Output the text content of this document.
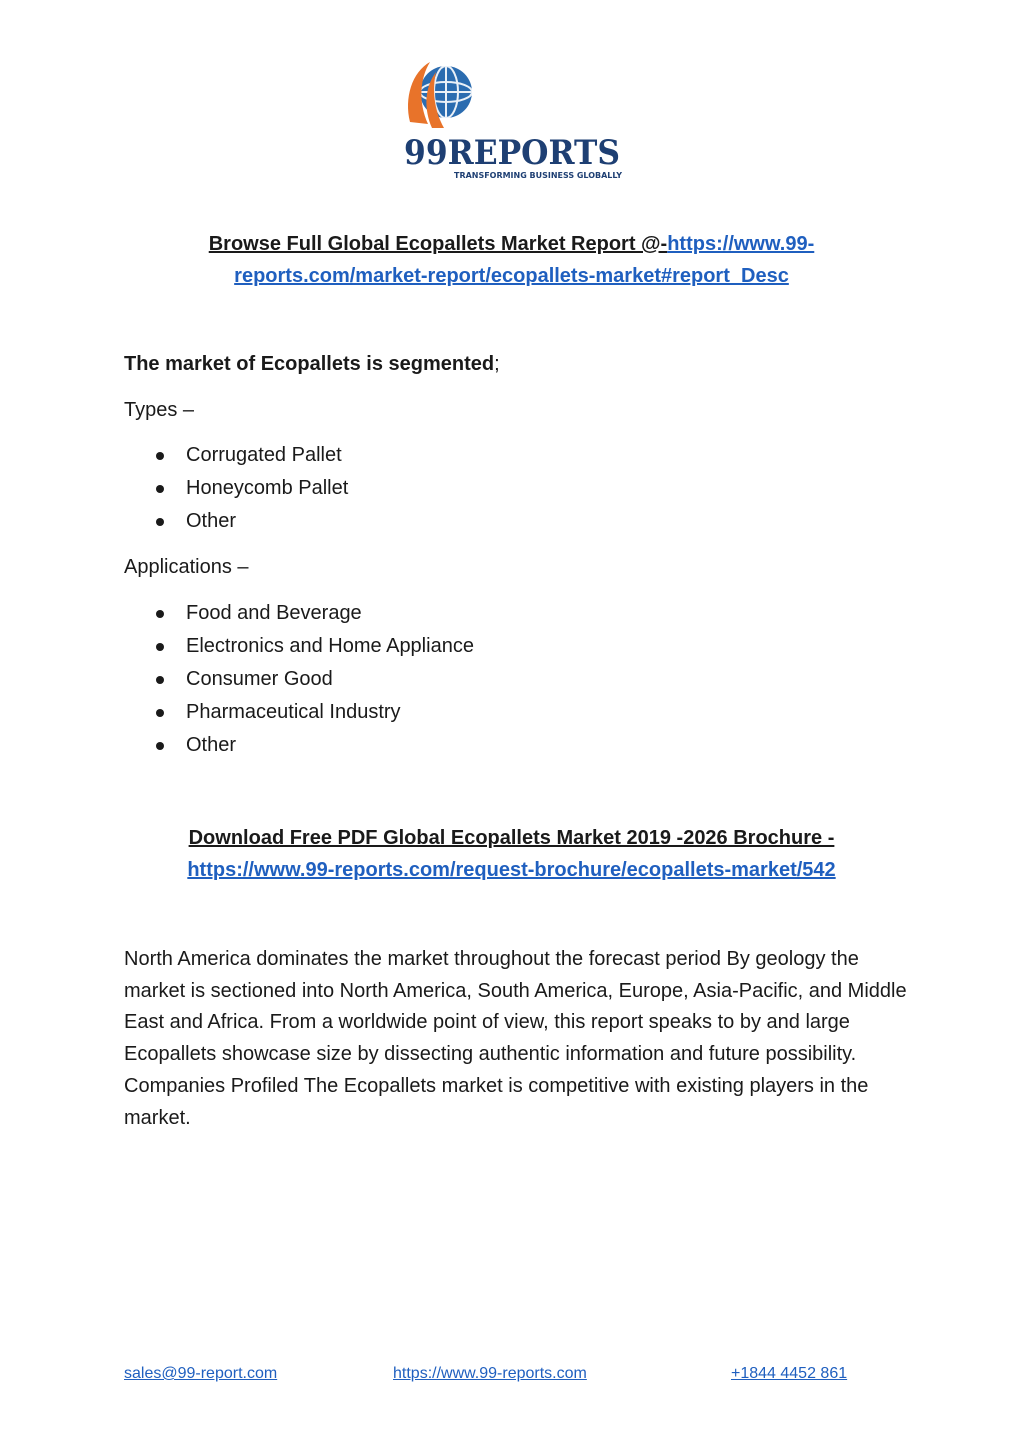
99REPORTS
TRANSFORMING BUSINESS GLOBALLY
Browse Full Global Ecopallets Market Report @-https://www.99-
reports.com/market-report/ecopallets-market#report_Desc
The market of Ecopallets is segmented;
Types –
Corrugated Pallet
Honeycomb Pallet
Other
Applications –
Food and Beverage
Electronics and Home Appliance
Consumer Good
Pharmaceutical Industry
Other
Download Free PDF Global Ecopallets Market 2019 -2026 Brochure -
https://www.99-reports.com/request-brochure/ecopallets-market/542
North America dominates the market throughout the forecast period By geology the market is sectioned into North America, South America, Europe, Asia-Pacific, and Middle East and Africa. From a worldwide point of view, this report speaks to by and large Ecopallets showcase size by dissecting authentic information and future possibility. Companies Profiled The Ecopallets market is competitive with existing players in the market.
sales@99-report.com	https://www.99-reports.com	+1844 4452 861
